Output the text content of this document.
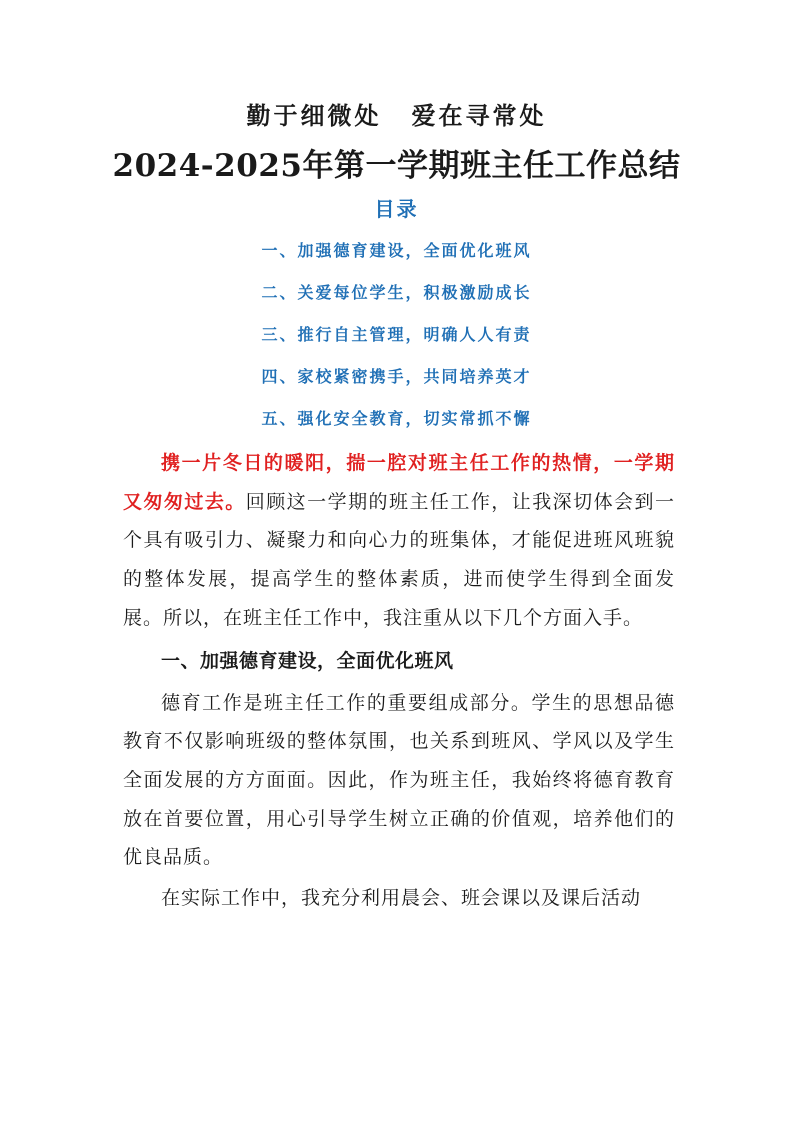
勤于细微处 爱在寻常处
2024-2025年第一学期班主任工作总结
目录
一、加强德育建设，全面优化班风
二、关爱每位学生，积极激励成长
三、推行自主管理，明确人人有责
四、家校紧密携手，共同培养英才
五、强化安全教育，切实常抓不懈

携一片冬日的暖阳，揣一腔对班主任工作的热情，一学期又匆匆过去。回顾这一学期的班主任工作，让我深切体会到一个具有吸引力、凝聚力和向心力的班集体，才能促进班风班貌的整体发展，提高学生的整体素质，进而使学生得到全面发展。所以，在班主任工作中，我注重从以下几个方面入手。

一、加强德育建设，全面优化班风

德育工作是班主任工作的重要组成部分。学生的思想品德教育不仅影响班级的整体氛围，也关系到班风、学风以及学生全面发展的方方面面。因此，作为班主任，我始终将德育教育放在首要位置，用心引导学生树立正确的价值观，培养他们的优良品质。

在实际工作中，我充分利用晨会、班会课以及课后活动
